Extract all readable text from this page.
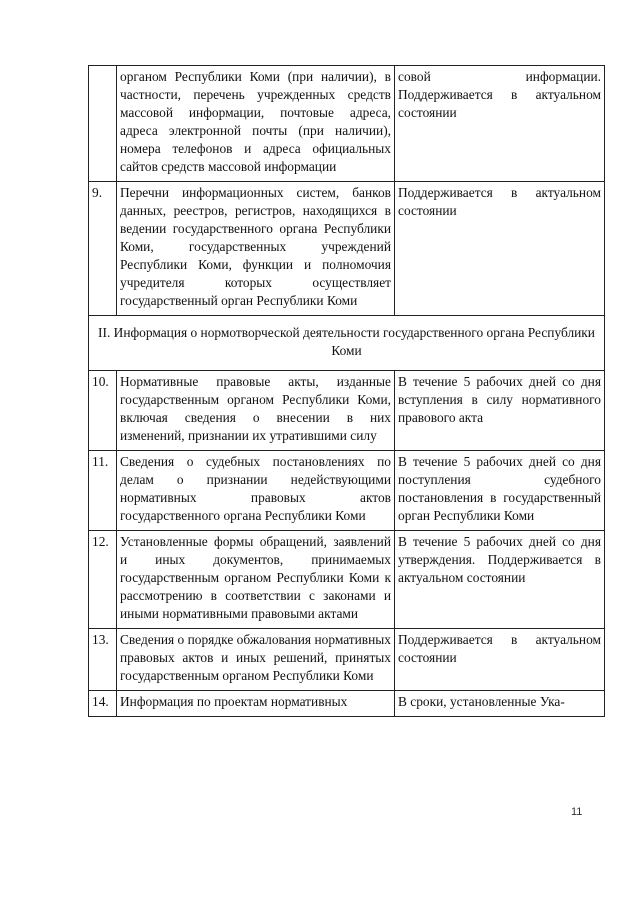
	органом Республики Коми (при наличии), в частности, перечень учрежденных средств массовой информации, почтовые адреса, адреса электронной почты (при наличии), номера телефонов и адреса официальных сайтов средств массовой информации	совой информации. Поддерживается в актуальном состоянии
9.	Перечни информационных систем, банков данных, реестров, регистров, находящихся в ведении государственного органа Республики Коми, государственных учреждений Республики Коми, функции и полномочия учредителя которых осуществляет государственный орган Республики Коми	Поддерживается в актуальном состоянии
II. Информация о нормотворческой деятельности государственного органа Республики Коми		
10.	Нормативные правовые акты, изданные государственным органом Республики Коми, включая сведения о внесении в них изменений, признании их утратившими силу	В течение 5 рабочих дней со дня вступления в силу нормативного правового акта
11.	Сведения о судебных постановлениях по делам о признании недействующими нормативных правовых актов государственного органа Республики Коми	В течение 5 рабочих дней со дня поступления судебного постановления в государственный орган Республики Коми
12.	Установленные формы обращений, заявлений и иных документов, принимаемых государственным органом Республики Коми к рассмотрению в соответствии с законами и иными нормативными правовыми актами	В течение 5 рабочих дней со дня утверждения. Поддерживается в актуальном состоянии
13.	Сведения о порядке обжалования нормативных правовых актов и иных решений, принятых государственным органом Республики Коми	Поддерживается в актуальном состоянии
14.	Информация по проектам нормативных	В сроки, установленные Ука-
11
